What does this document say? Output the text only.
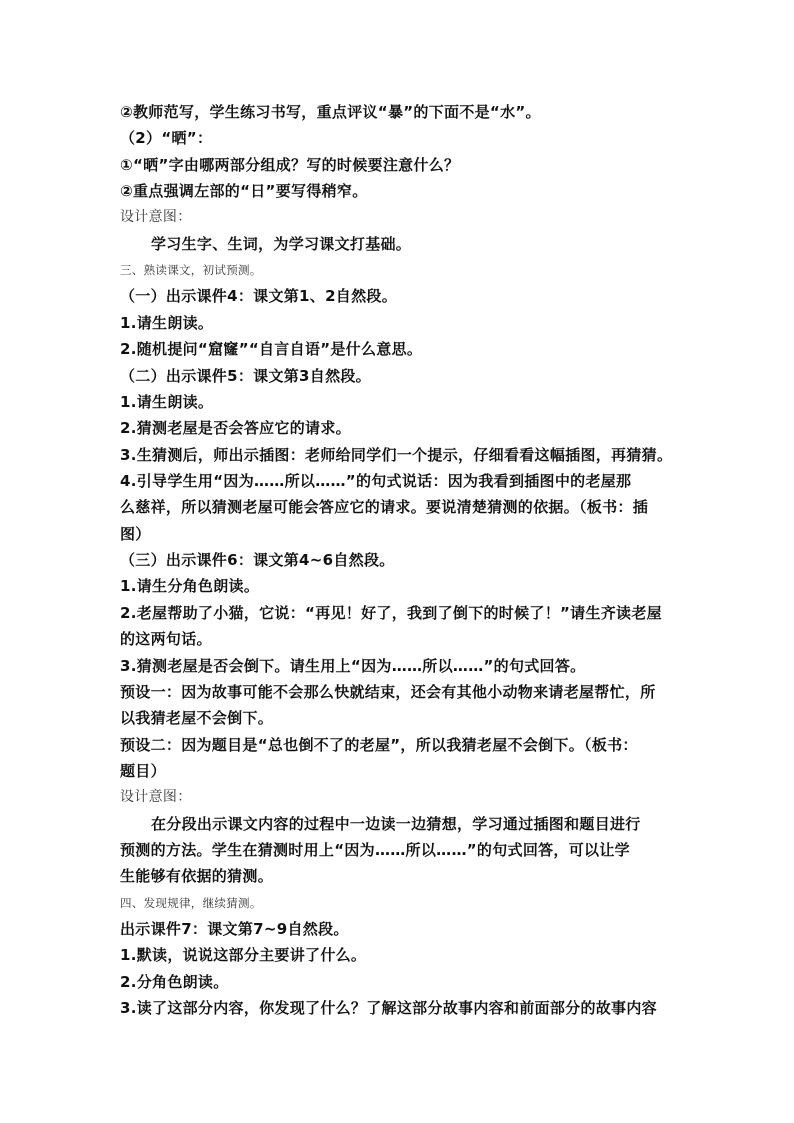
②教师范写，学生练习书写，重点评议“暴”的下面不是“水”。
（2）“晒”：
①“晒”字由哪两部分组成？写的时候要注意什么？
②重点强调左部的“日”要写得稍窄。
设计意图：
学习生字、生词，为学习课文打基础。
三、熟读课文，初试预测。
（一）出示课件4：课文第1、2自然段。
1.请生朗读。
2.随机提问“窟窿”“自言自语”是什么意思。
（二）出示课件5：课文第3自然段。
1.请生朗读。
2.猜测老屋是否会答应它的请求。
3.生猜测后，师出示插图：老师给同学们一个提示，仔细看看这幅插图，再猜猜。
4.引导学生用“因为……所以……”的句式说话：因为我看到插图中的老屋那
么慈祥，所以猜测老屋可能会答应它的请求。要说清楚猜测的依据。（板书：插
图）
（三）出示课件6：课文第4~6自然段。
1.请生分角色朗读。
2.老屋帮助了小猫，它说：“再见！好了，我到了倒下的时候了！”请生齐读老屋
的这两句话。
3.猜测老屋是否会倒下。请生用上“因为……所以……”的句式回答。
预设一：因为故事可能不会那么快就结束，还会有其他小动物来请老屋帮忙，所
以我猜老屋不会倒下。
预设二：因为题目是“总也倒不了的老屋”，所以我猜老屋不会倒下。（板书：
题目）
设计意图：
在分段出示课文内容的过程中一边读一边猜想，学习通过插图和题目进行
预测的方法。学生在猜测时用上“因为……所以……”的句式回答，可以让学
生能够有依据的猜测。
四、发现规律，继续猜测。
出示课件7：课文第7~9自然段。
1.默读，说说这部分主要讲了什么。
2.分角色朗读。
3.读了这部分内容，你发现了什么？了解这部分故事内容和前面部分的故事内容
